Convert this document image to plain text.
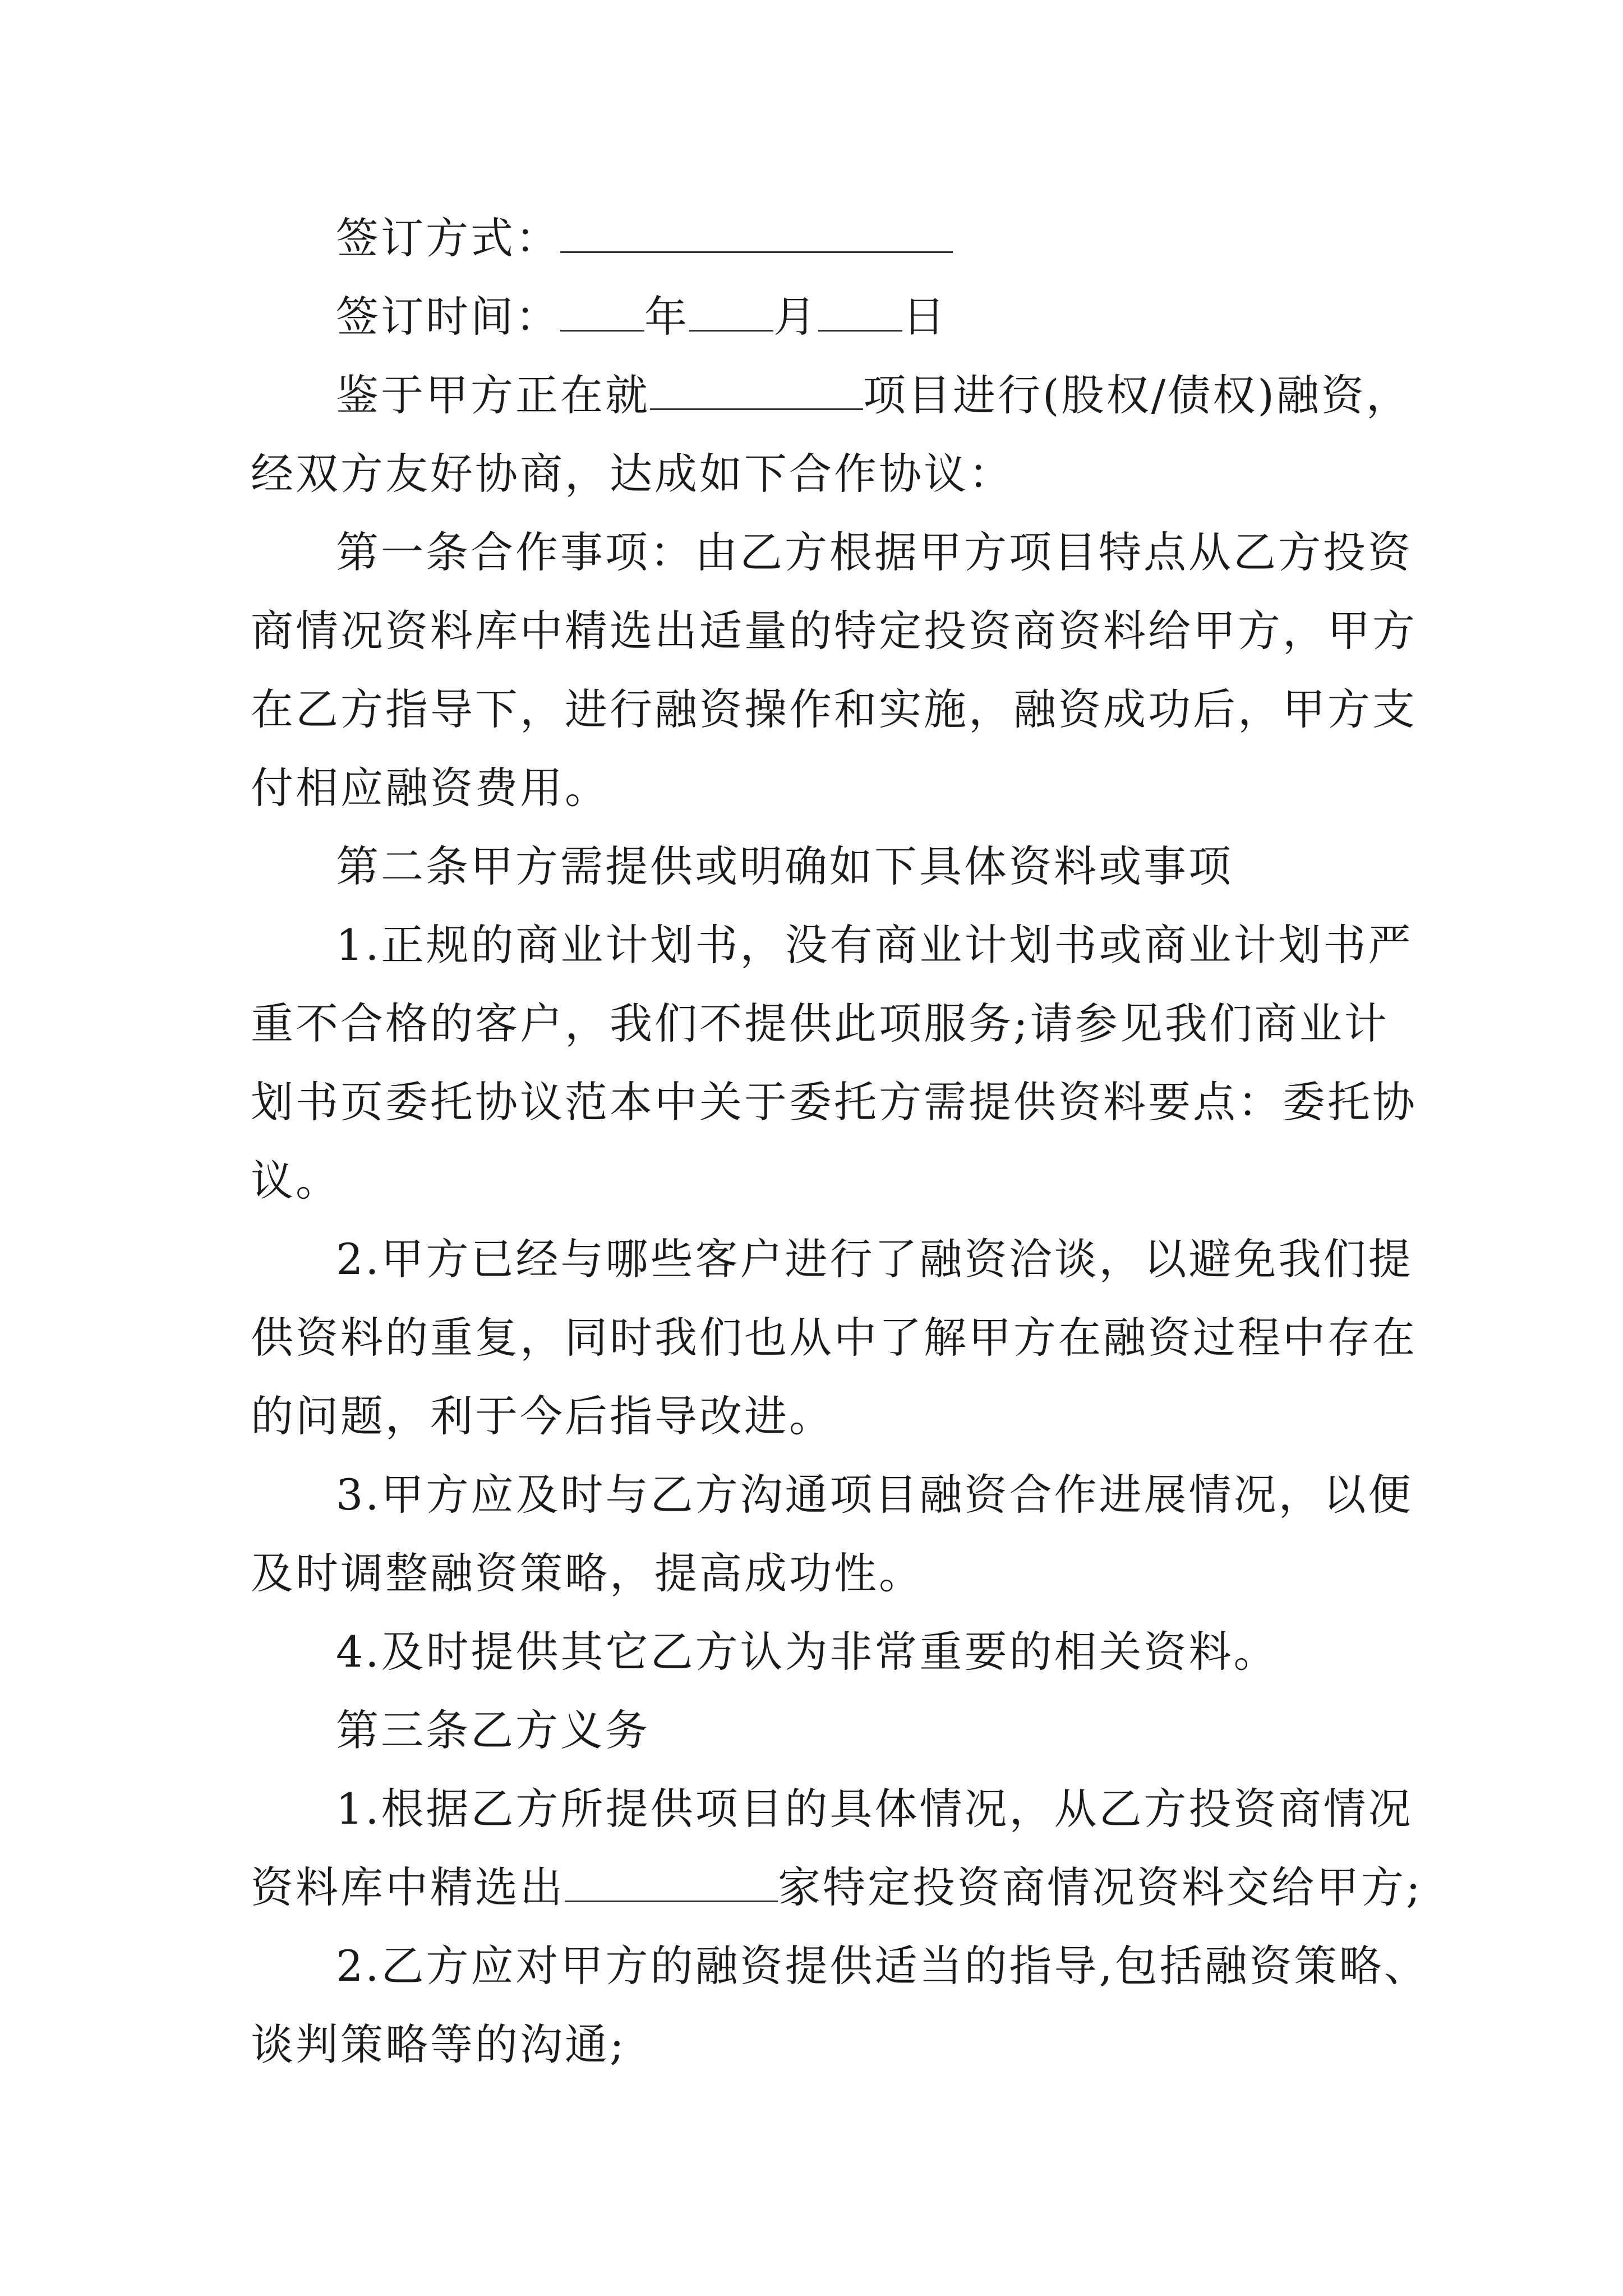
签订方式：
签订时间： 年 月 日
鉴于甲方正在就	项目进行(股权/债权)融资，
经双方友好协商，达成如下合作协议：
第一条合作事项：由乙方根据甲方项目特点从乙方投资
商情况资料库中精选出适量的特定投资商资料给甲方，甲方
在乙方指导下，进行融资操作和实施，融资成功后，甲方支
付相应融资费用。
第二条甲方需提供或明确如下具体资料或事项
1.正规的商业计划书，没有商业计划书或商业计划书严
重不合格的客户，我们不提供此项服务;请参见我们商业计
划书页委托协议范本中关于委托方需提供资料要点：委托协
议。
2.甲方已经与哪些客户进行了融资洽谈，以避免我们提
供资料的重复，同时我们也从中了解甲方在融资过程中存在
的问题，利于今后指导改进。
3.甲方应及时与乙方沟通项目融资合作进展情况，以便
及时调整融资策略，提高成功性。
4.及时提供其它乙方认为非常重要的相关资料。
第三条乙方义务
1.根据乙方所提供项目的具体情况，从乙方投资商情况
资料库中精选出	家特定投资商情况资料交给甲方;
2.乙方应对甲方的融资提供适当的指导,包括融资策略、
谈判策略等的沟通;
